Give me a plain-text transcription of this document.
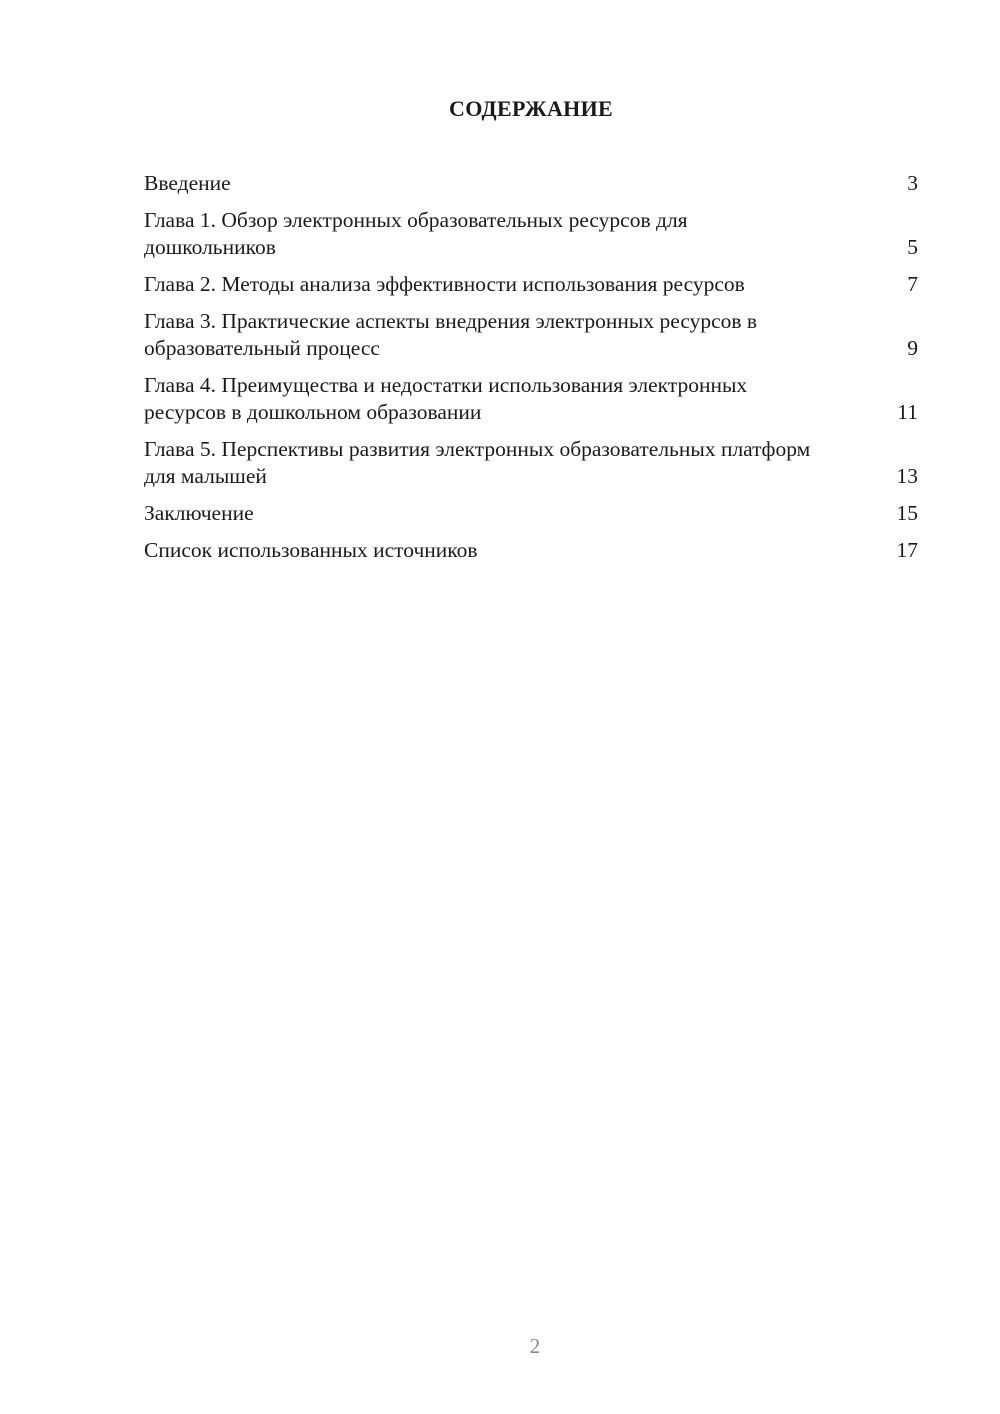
СОДЕРЖАНИЕ
Введение	3
Глава 1. Обзор электронных образовательных ресурсов для дошкольников	5
Глава 2. Методы анализа эффективности использования ресурсов	7
Глава 3. Практические аспекты внедрения электронных ресурсов в образовательный процесс	9
Глава 4. Преимущества и недостатки использования электронных ресурсов в дошкольном образовании	11
Глава 5. Перспективы развития электронных образовательных платформ для малышей	13
Заключение	15
Список использованных источников	17
2
